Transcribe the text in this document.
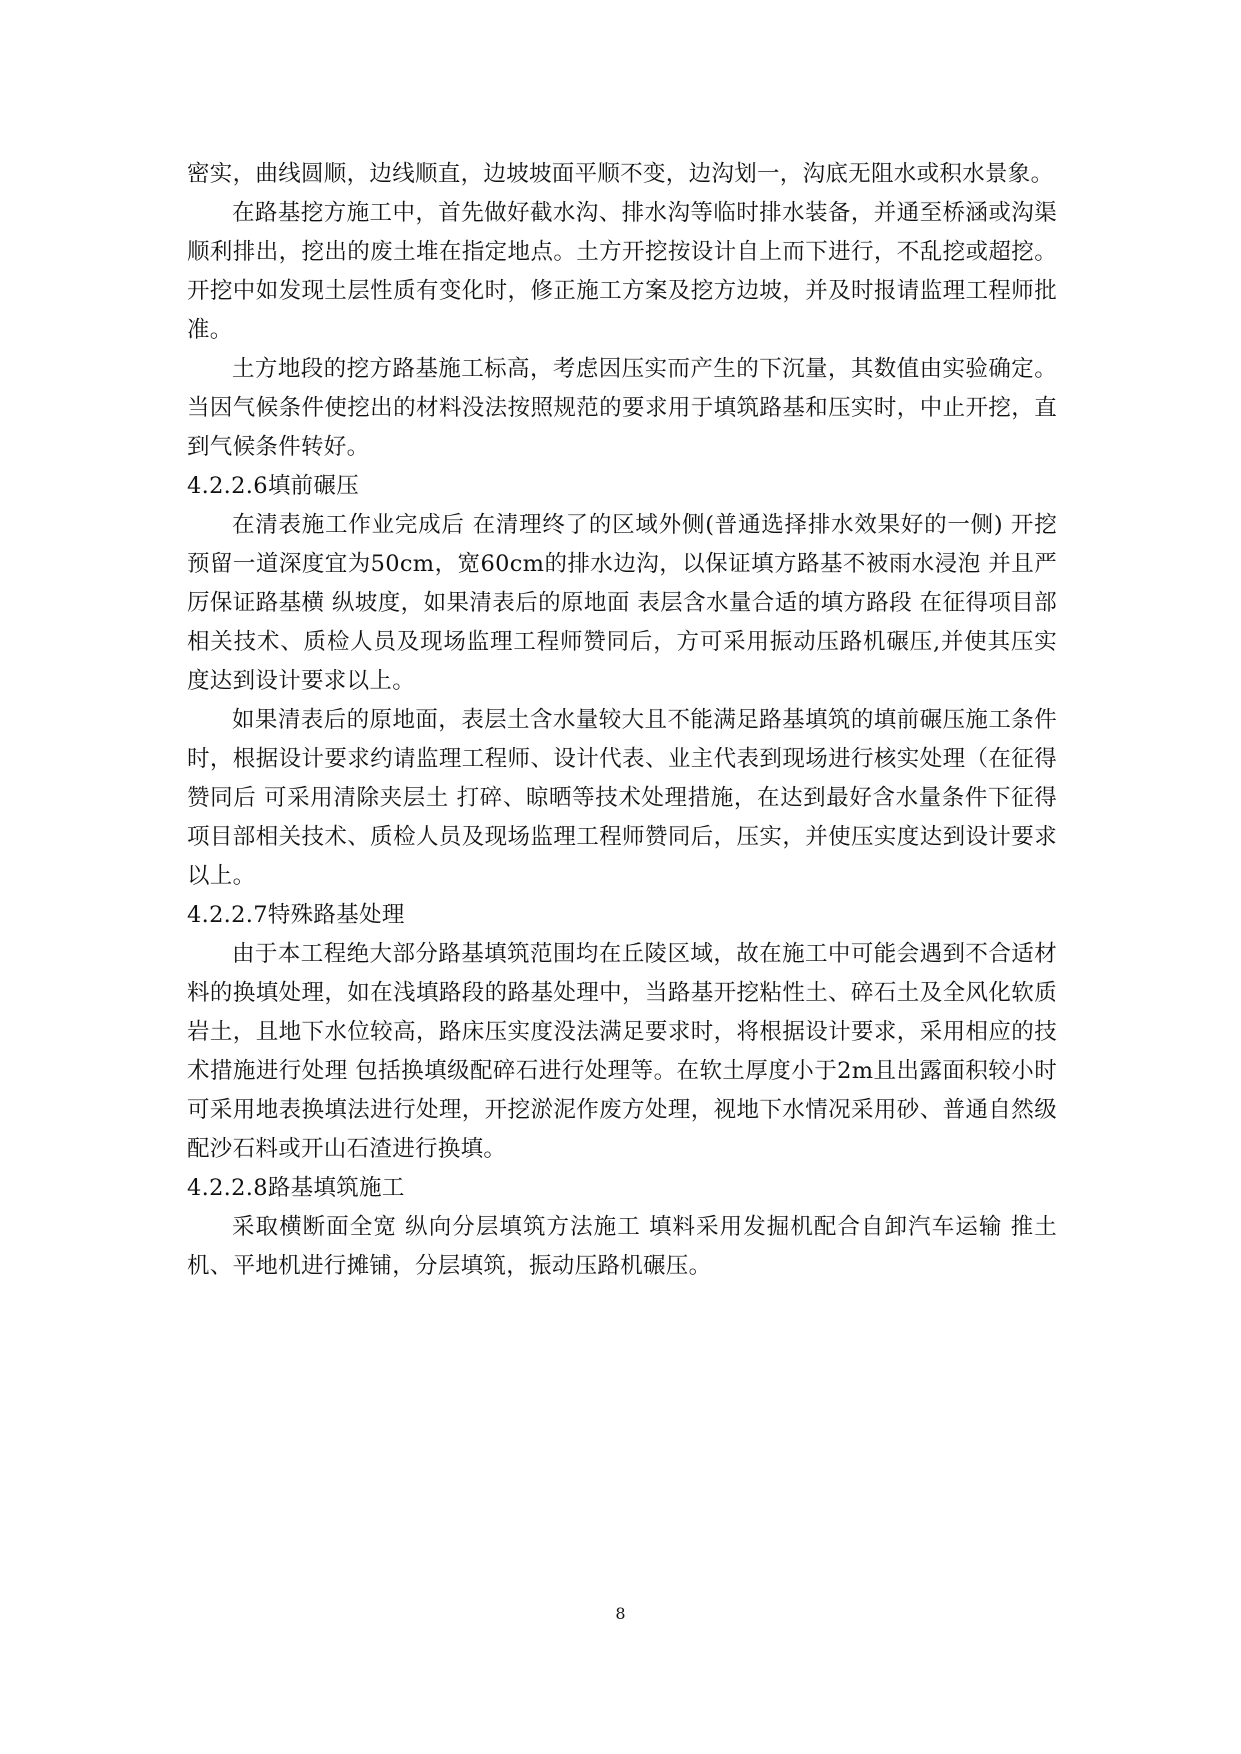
密实，曲线圆顺，边线顺直，边坡坡面平顺不变，边沟划一，沟底无阻水或积水景象。

在路基挖方施工中，首先做好截水沟、排水沟等临时排水装备，并通至桥涵或沟渠顺利排出，挖出的废土堆在指定地点。土方开挖按设计自上而下进行，不乱挖或超挖。开挖中如发现土层性质有变化时，修正施工方案及挖方边坡，并及时报请监理工程师批准。

土方地段的挖方路基施工标高，考虑因压实而产生的下沉量，其数值由实验确定。当因气候条件使挖出的材料没法按照规范的要求用于填筑路基和压实时，中止开挖，直到气候条件转好。

4.2.2.6填前碾压

在清表施工作业完成后 在清理终了的区域外侧(普通选择排水效果好的一侧) 开挖预留一道深度宜为50cm，宽60cm的排水边沟，以保证填方路基不被雨水浸泡 并且严厉保证路基横 纵坡度，如果清表后的原地面 表层含水量合适的填方路段 在征得项目部相关技术、质检人员及现场监理工程师赞同后，方可采用振动压路机碾压,并使其压实度达到设计要求以上。

如果清表后的原地面，表层土含水量较大且不能满足路基填筑的填前碾压施工条件时，根据设计要求约请监理工程师、设计代表、业主代表到现场进行核实处理（在征得赞同后 可采用清除夹层土 打碎、晾晒等技术处理措施，在达到最好含水量条件下征得项目部相关技术、质检人员及现场监理工程师赞同后，压实，并使压实度达到设计要求以上。

4.2.2.7特殊路基处理

由于本工程绝大部分路基填筑范围均在丘陵区域，故在施工中可能会遇到不合适材料的换填处理，如在浅填路段的路基处理中，当路基开挖粘性土、碎石土及全风化软质岩土，且地下水位较高，路床压实度没法满足要求时，将根据设计要求，采用相应的技术措施进行处理 包括换填级配碎石进行处理等。在软土厚度小于2m且出露面积较小时可采用地表换填法进行处理，开挖淤泥作废方处理，视地下水情况采用砂、普通自然级配沙石料或开山石渣进行换填。

4.2.2.8路基填筑施工

采取横断面全宽 纵向分层填筑方法施工 填料采用发掘机配合自卸汽车运输 推土机、平地机进行摊铺，分层填筑，振动压路机碾压。

8
